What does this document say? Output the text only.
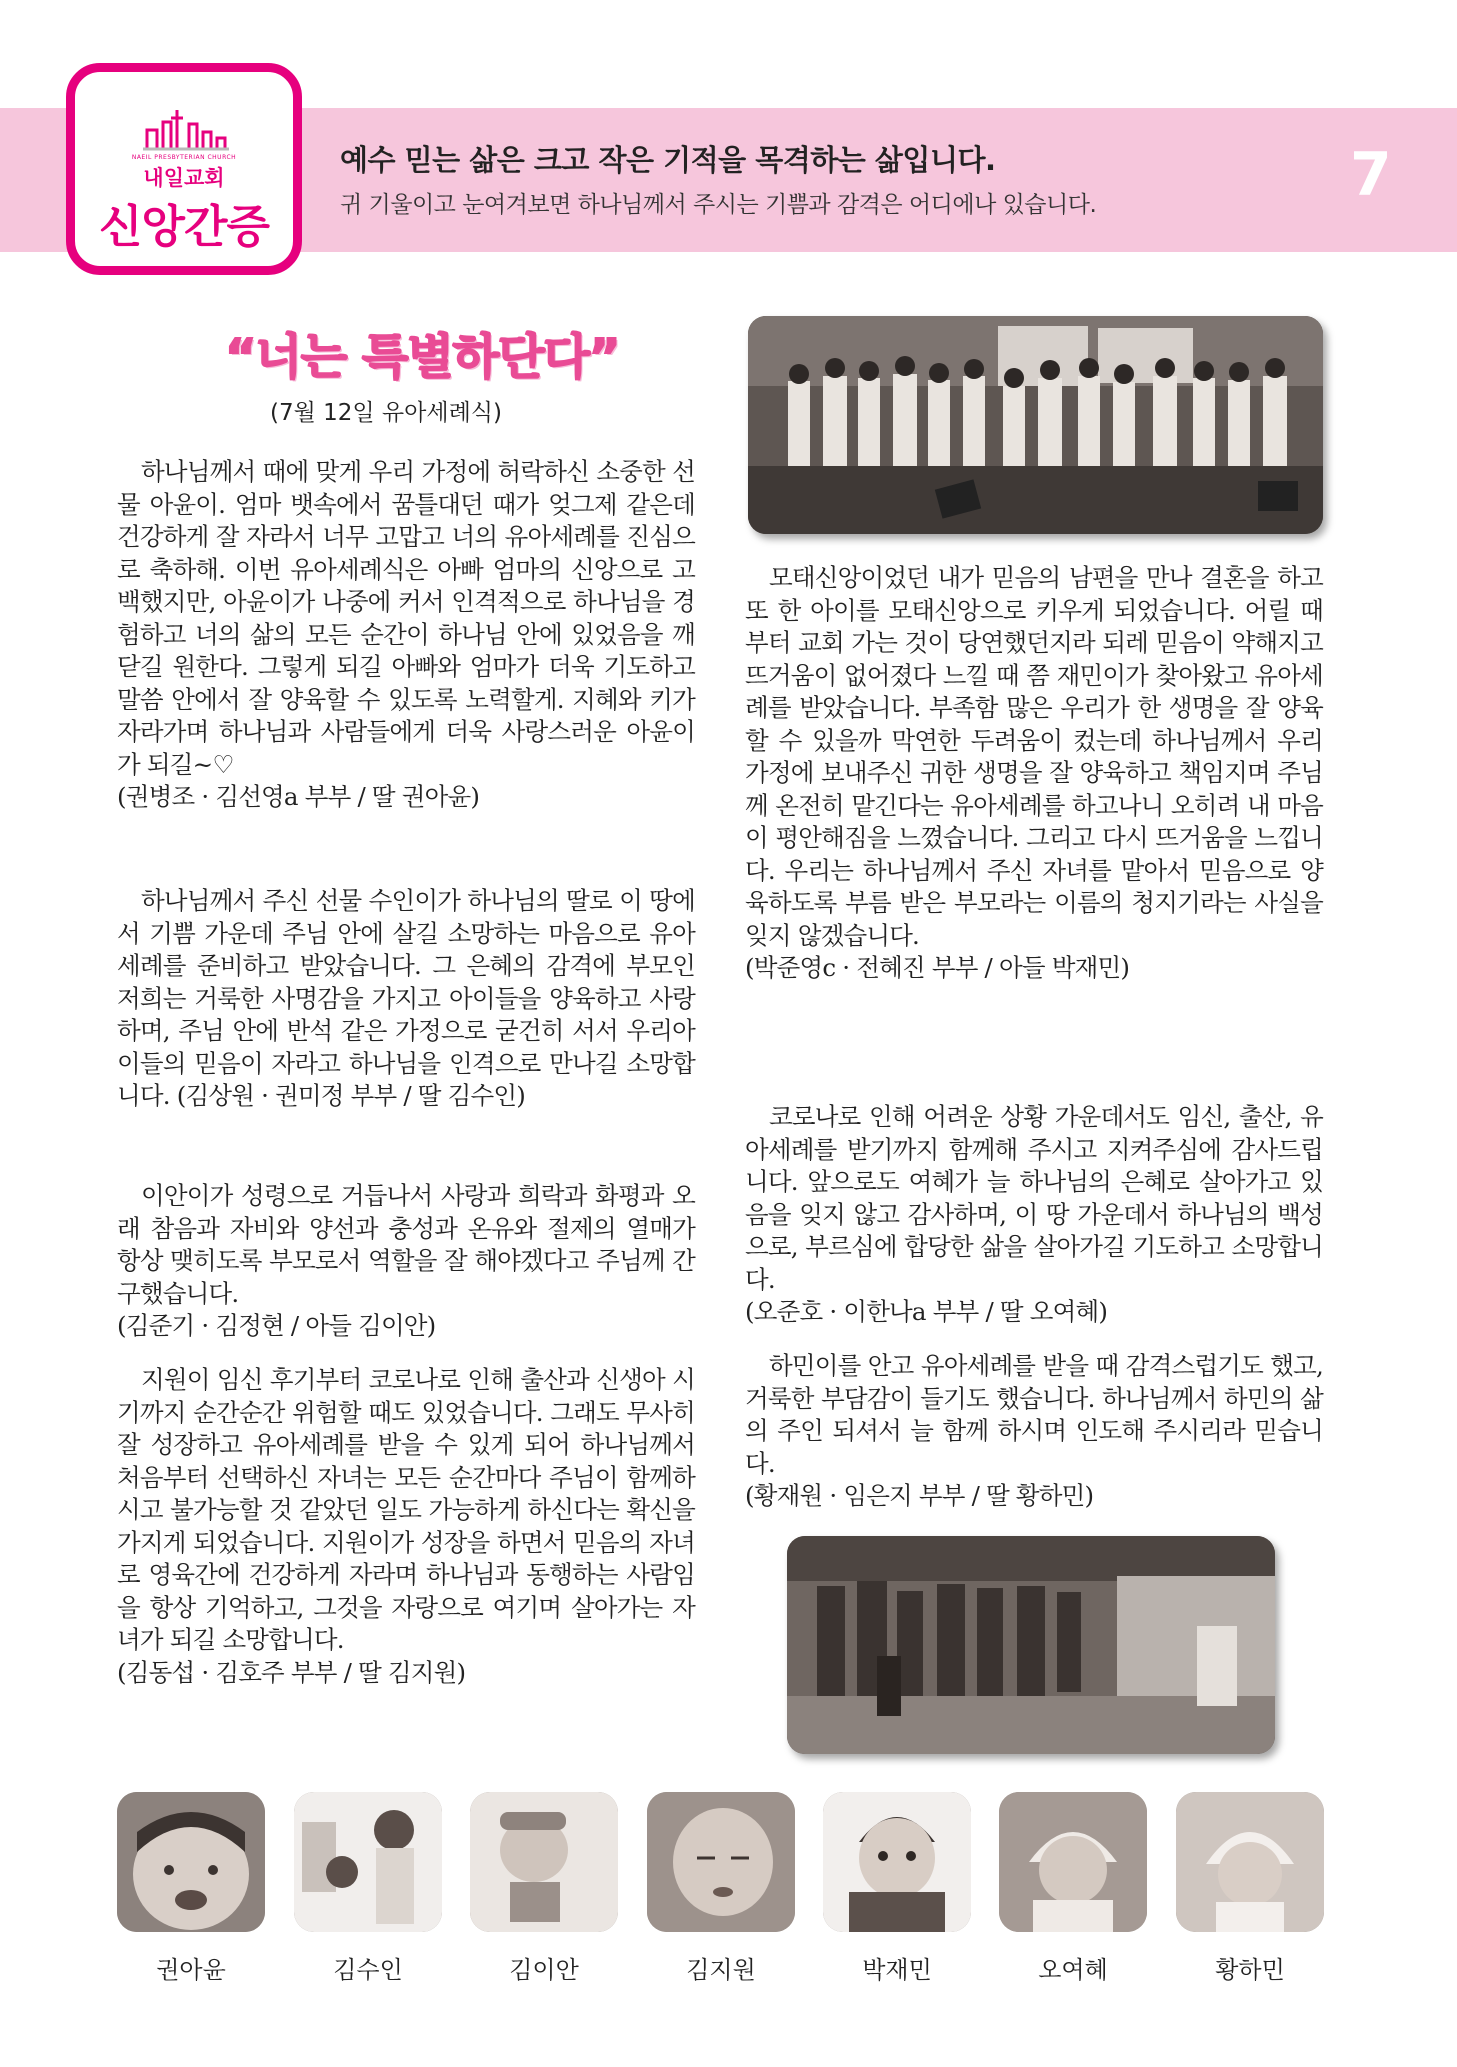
NAEIL PRESBYTERIAN CHURCH
내일교회
신앙간증
예수 믿는 삶은 크고 작은 기적을 목격하는 삶입니다.
귀 기울이고 눈여겨보면 하나님께서 주시는 기쁨과 감격은 어디에나 있습니다.	7
“너는 특별하단다”
(7월 12일 유아세례식)
하나님께서 때에 맞게 우리 가정에 허락하신 소중한 선물 아윤이. 엄마 뱃속에서 꿈틀대던 때가 엊그제 같은데 건강하게 잘 자라서 너무 고맙고 너의 유아세례를 진심으로 축하해. 이번 유아세례식은 아빠 엄마의 신앙으로 고백했지만, 아윤이가 나중에 커서 인격적으로 하나님을 경험하고 너의 삶의 모든 순간이 하나님 안에 있었음을 깨닫길 원한다. 그렇게 되길 아빠와 엄마가 더욱 기도하고 말씀 안에서 잘 양육할 수 있도록 노력할게. 지혜와 키가 자라가며 하나님과 사람들에게 더욱 사랑스러운 아윤이가 되길~♡
(권병조 · 김선영a 부부 / 딸 권아윤)
하나님께서 주신 선물 수인이가 하나님의 딸로 이 땅에서 기쁨 가운데 주님 안에 살길 소망하는 마음으로 유아세례를 준비하고 받았습니다. 그 은혜의 감격에 부모인 저희는 거룩한 사명감을 가지고 아이들을 양육하고 사랑하며, 주님 안에 반석 같은 가정으로 굳건히 서서 우리아이들의 믿음이 자라고 하나님을 인격으로 만나길 소망합니다. (김상원 · 권미정 부부 / 딸 김수인)
이안이가 성령으로 거듭나서 사랑과 희락과 화평과 오래 참음과 자비와 양선과 충성과 온유와 절제의 열매가 항상 맺히도록 부모로서 역할을 잘 해야겠다고 주님께 간구했습니다.
(김준기 · 김정현 / 아들 김이안)
지원이 임신 후기부터 코로나로 인해 출산과 신생아 시기까지 순간순간 위험할 때도 있었습니다. 그래도 무사히 잘 성장하고 유아세례를 받을 수 있게 되어 하나님께서 처음부터 선택하신 자녀는 모든 순간마다 주님이 함께하시고 불가능할 것 같았던 일도 가능하게 하신다는 확신을 가지게 되었습니다. 지원이가 성장을 하면서 믿음의 자녀로 영육간에 건강하게 자라며 하나님과 동행하는 사람임을 항상 기억하고, 그것을 자랑으로 여기며 살아가는 자녀가 되길 소망합니다.
(김동섭 · 김호주 부부 / 딸 김지원)
모태신앙이었던 내가 믿음의 남편을 만나 결혼을 하고 또 한 아이를 모태신앙으로 키우게 되었습니다. 어릴 때부터 교회 가는 것이 당연했던지라 되레 믿음이 약해지고 뜨거움이 없어졌다 느낄 때 쯤 재민이가 찾아왔고 유아세례를 받았습니다. 부족함 많은 우리가 한 생명을 잘 양육할 수 있을까 막연한 두려움이 컸는데 하나님께서 우리 가정에 보내주신 귀한 생명을 잘 양육하고 책임지며 주님께 온전히 맡긴다는 유아세례를 하고나니 오히려 내 마음이 평안해짐을 느꼈습니다. 그리고 다시 뜨거움을 느낍니다. 우리는 하나님께서 주신 자녀를 맡아서 믿음으로 양육하도록 부름 받은 부모라는 이름의 청지기라는 사실을 잊지 않겠습니다.
(박준영c · 전혜진 부부 / 아들 박재민)
코로나로 인해 어려운 상황 가운데서도 임신, 출산, 유아세례를 받기까지 함께해 주시고 지켜주심에 감사드립니다. 앞으로도 여혜가 늘 하나님의 은혜로 살아가고 있음을 잊지 않고 감사하며, 이 땅 가운데서 하나님의 백성으로, 부르심에 합당한 삶을 살아가길 기도하고 소망합니다.
(오준호 · 이한나a 부부 / 딸 오여혜)
하민이를 안고 유아세례를 받을 때 감격스럽기도 했고, 거룩한 부담감이 들기도 했습니다. 하나님께서 하민의 삶의 주인 되셔서 늘 함께 하시며 인도해 주시리라 믿습니다.
(황재원 · 임은지 부부 / 딸 황하민)
권아윤	김수인	김이안	김지원	박재민	오여혜	황하민
